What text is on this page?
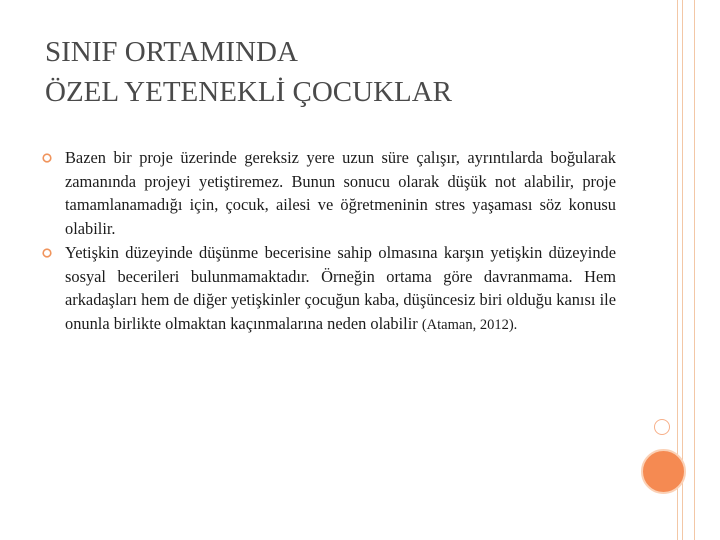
SINIF ORTAMINDA
ÖZEL YETENEKLİ ÇOCUKLAR
Bazen bir proje üzerinde gereksiz yere uzun süre çalışır, ayrıntılarda boğularak zamanında projeyi yetiştiremez. Bunun sonucu olarak düşük not alabilir, proje tamamlanamadığı için, çocuk, ailesi ve öğretmeninin stres yaşaması söz konusu olabilir.
Yetişkin düzeyinde düşünme becerisine sahip olmasına karşın yetişkin düzeyinde sosyal becerileri bulunmamaktadır. Örneğin ortama göre davranmama. Hem arkadaşları hem de diğer yetişkinler çocuğun kaba, düşüncesiz biri olduğu kanısı ile onunla birlikte olmaktan kaçınmalarına neden olabilir (Ataman, 2012).
